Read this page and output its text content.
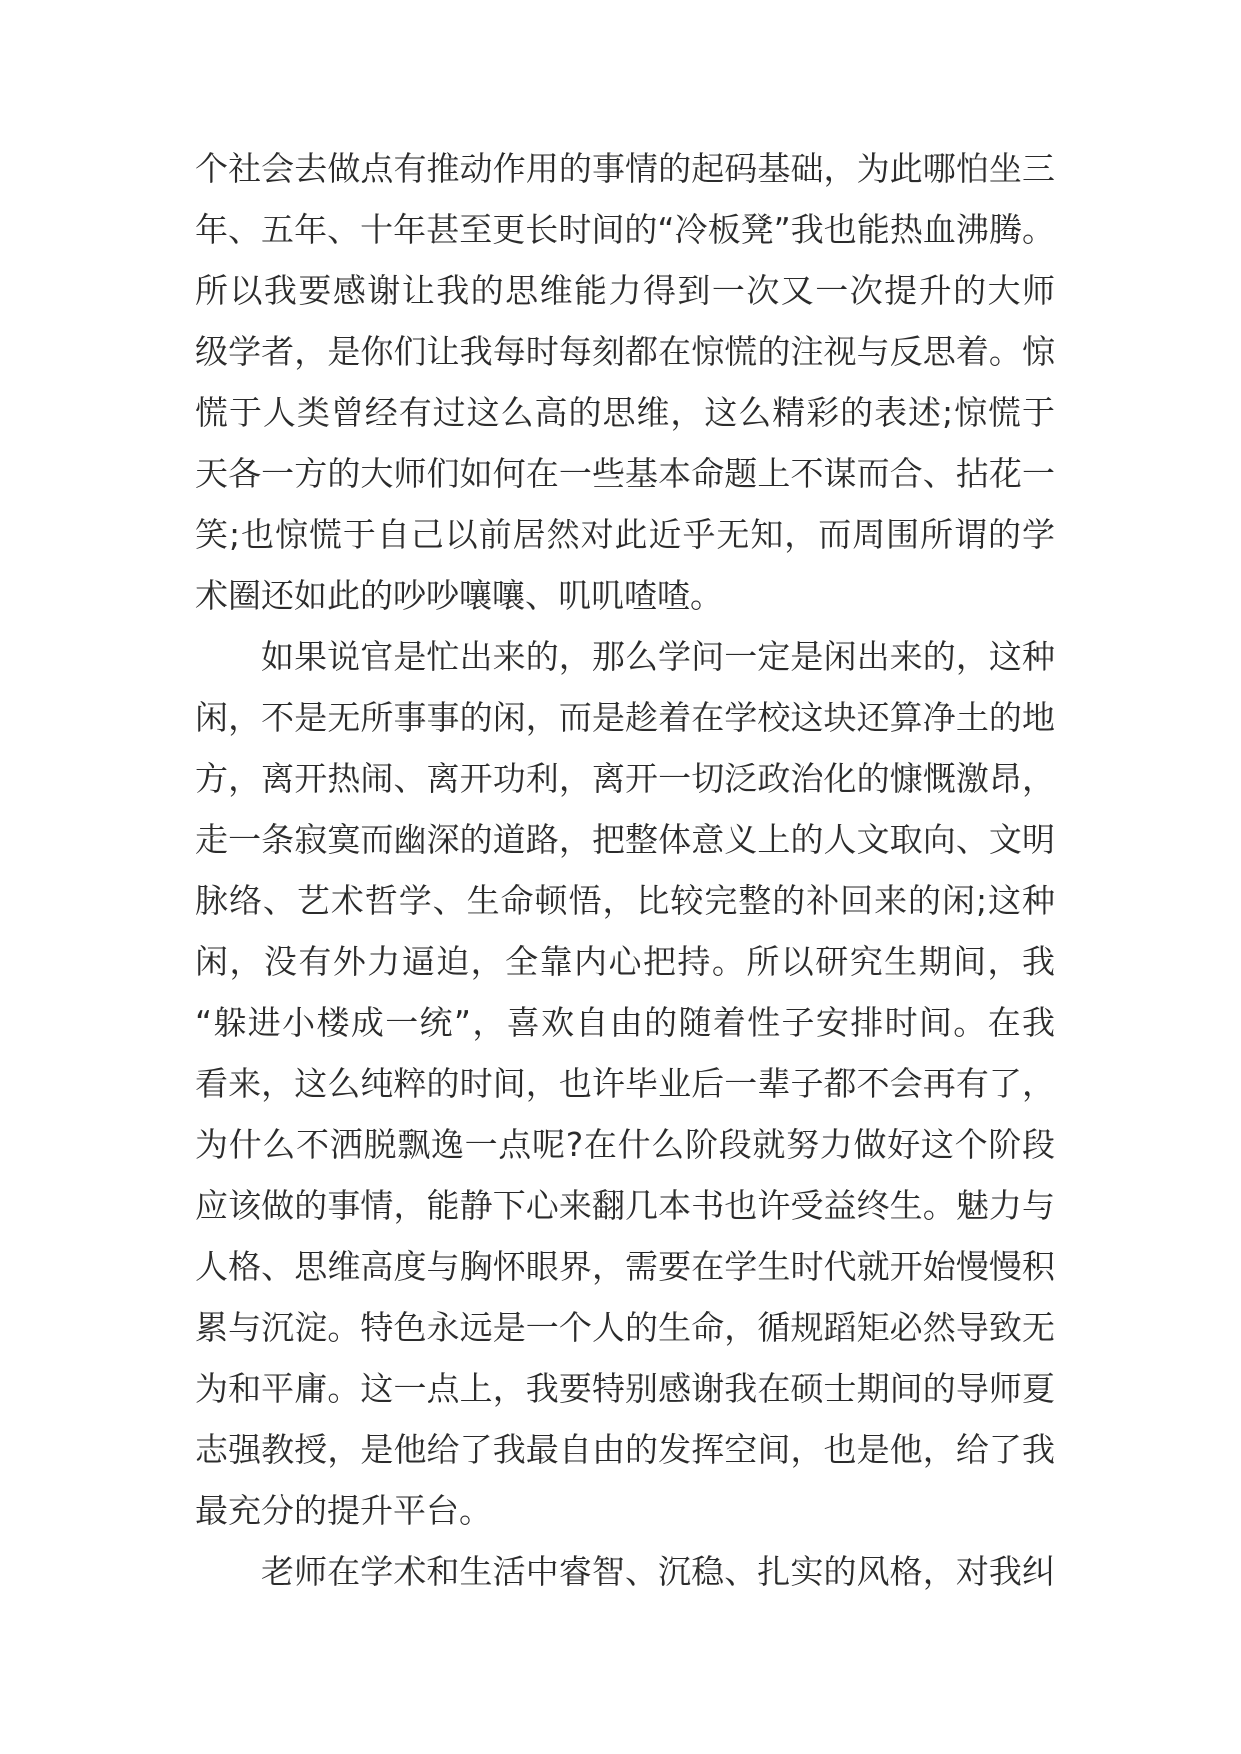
个社会去做点有推动作用的事情的起码基础，为此哪怕坐三
年、五年、十年甚至更长时间的“冷板凳”我也能热血沸腾。
所以我要感谢让我的思维能力得到一次又一次提升的大师
级学者，是你们让我每时每刻都在惊慌的注视与反思着。惊
慌于人类曾经有过这么高的思维，这么精彩的表述;惊慌于
天各一方的大师们如何在一些基本命题上不谋而合、拈花一
笑;也惊慌于自己以前居然对此近乎无知，而周围所谓的学
术圈还如此的吵吵嚷嚷、叽叽喳喳。
如果说官是忙出来的，那么学问一定是闲出来的，这种
闲，不是无所事事的闲，而是趁着在学校这块还算净土的地
方，离开热闹、离开功利，离开一切泛政治化的慷慨激昂，
走一条寂寞而幽深的道路，把整体意义上的人文取向、文明
脉络、艺术哲学、生命顿悟，比较完整的补回来的闲;这种
闲，没有外力逼迫，全靠内心把持。所以研究生期间，我
“躲进小楼成一统”，喜欢自由的随着性子安排时间。在我
看来，这么纯粹的时间，也许毕业后一辈子都不会再有了，
为什么不洒脱飘逸一点呢?在什么阶段就努力做好这个阶段
应该做的事情，能静下心来翻几本书也许受益终生。魅力与
人格、思维高度与胸怀眼界，需要在学生时代就开始慢慢积
累与沉淀。特色永远是一个人的生命，循规蹈矩必然导致无
为和平庸。这一点上，我要特别感谢我在硕士期间的导师夏
志强教授，是他给了我最自由的发挥空间，也是他，给了我
最充分的提升平台。
老师在学术和生活中睿智、沉稳、扎实的风格，对我纠
